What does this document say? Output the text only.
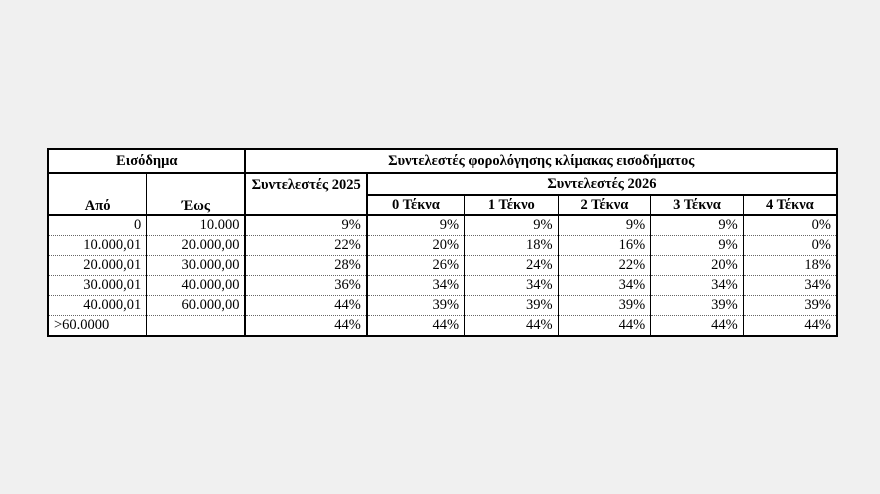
Εισόδημα		Συντελεστές φορολόγησης κλίμακας εισοδήματος					
Από	Έως	Συντελεστές 2025	Συντελεστές 2026				
			0 Τέκνα	1 Τέκνο	2 Τέκνα	3 Τέκνα	4 Τέκνα
0	10.000	9%	9%	9%	9%	9%	0%
10.000,01	20.000,00	22%	20%	18%	16%	9%	0%
20.000,01	30.000,00	28%	26%	24%	22%	20%	18%
30.000,01	40.000,00	36%	34%	34%	34%	34%	34%
40.000,01	60.000,00	44%	39%	39%	39%	39%	39%
>60.0000		44%	44%	44%	44%	44%	44%
